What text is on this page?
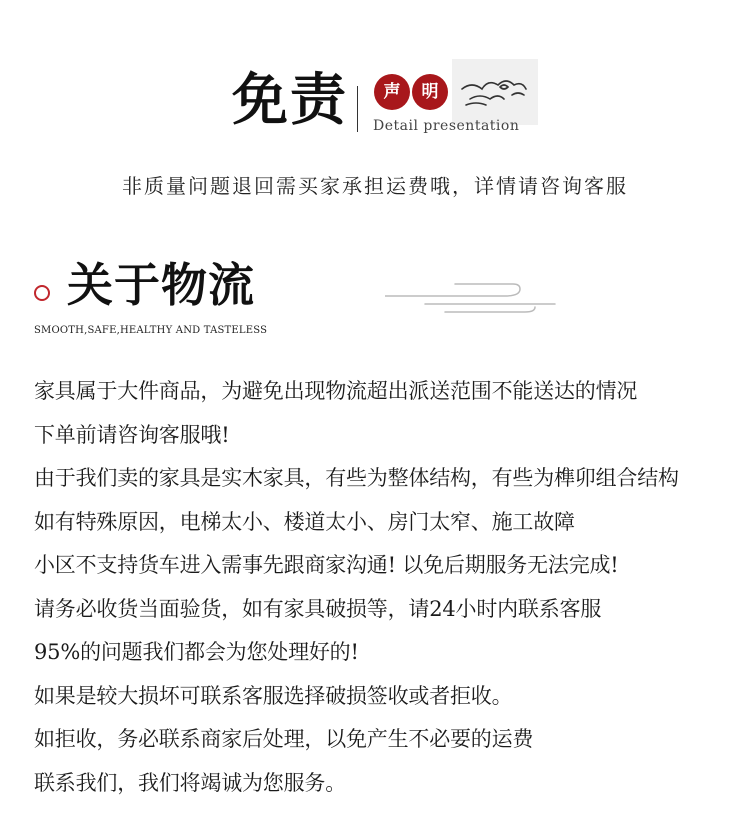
免责	声	明
Detail presentation
非质量问题退回需买家承担运费哦，详情请咨询客服
关于物流
SMOOTH,SAFE,HEALTHY AND TASTELESS
家具属于大件商品，为避免出现物流超出派送范围不能送达的情况
下单前请咨询客服哦!
由于我们卖的家具是实木家具，有些为整体结构，有些为榫卯组合结构
如有特殊原因，电梯太小、楼道太小、房门太窄、施工故障
小区不支持货车进入需事先跟商家沟通! 以免后期服务无法完成!
请务必收货当面验货，如有家具破损等，请24小时内联系客服
95%的问题我们都会为您处理好的!
如果是较大损坏可联系客服选择破损签收或者拒收。
如拒收，务必联系商家后处理，以免产生不必要的运费
联系我们，我们将竭诚为您服务。
